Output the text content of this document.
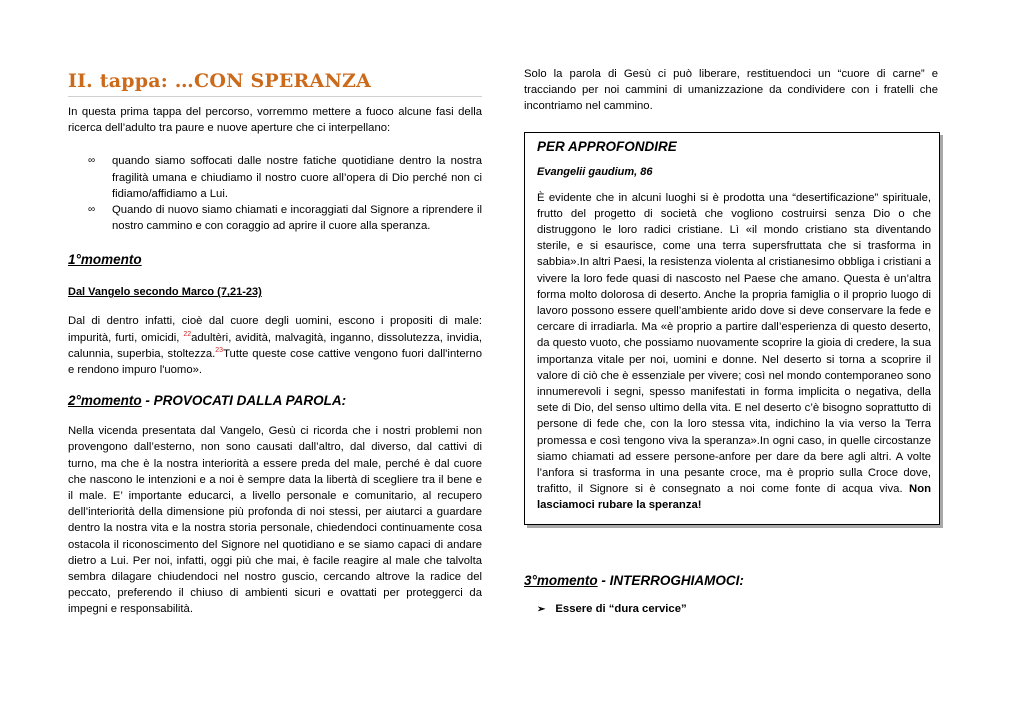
II. tappa: …CON SPERANZA

In questa prima tappa del percorso, vorremmo mettere a fuoco alcune fasi della ricerca dell’adulto tra paure e nuove aperture che ci interpellano:

∞ quando siamo soffocati dalle nostre fatiche quotidiane dentro la nostra fragilità umana e chiudiamo il nostro cuore all’opera di Dio perché non ci fidiamo/affidiamo a Lui.
∞ Quando di nuovo siamo chiamati e incoraggiati dal Signore a riprendere il nostro cammino e con coraggio ad aprire il cuore alla speranza.
1°momento
Dal Vangelo secondo Marco (7,21-23)

Dal di dentro infatti, cioè dal cuore degli uomini, escono i propositi di male: impurità, furti, omicidi, $^{22}$adultèri, avidità, malvagità, inganno, dissolutezza, invidia, calunnia, superbia, stoltezza.$^{23}$Tutte queste cose cattive vengono fuori dall'interno e rendono impuro l'uomo».

2°momento - PROVOCATI DALLA PAROLA:

Nella vicenda presentata dal Vangelo, Gesù ci ricorda che i nostri problemi non provengono dall’esterno, non sono causati dall’altro, dal diverso, dal cattivi di turno, ma che è la nostra interiorità a essere preda del male, perché è dal cuore che nascono le intenzioni e a noi è sempre data la libertà di scegliere tra il bene e il male. E’ importante educarci, a livello personale e comunitario, al recupero dell’interiorità della dimensione più profonda di noi stessi, per aiutarci a guardare dentro la nostra vita e la nostra storia personale, chiedendoci continuamente cosa ostacola il riconoscimento del Signore nel quotidiano e se siamo capaci di andare dietro a Lui. Per noi, infatti, oggi più che mai, è facile reagire al male che talvolta sembra dilagare chiudendoci nel nostro guscio, cercando altrove la radice del peccato, preferendo il chiuso di ambienti sicuri e ovattati per proteggerci da impegni e responsabilità.

Solo la parola di Gesù ci può liberare, restituendoci un “cuore di carne” e tracciando per noi cammini di umanizzazione da condividere con i fratelli che incontriamo nel cammino.

PER APPROFONDIRE
Evangelii gaudium, 86

È evidente che in alcuni luoghi si è prodotta una “desertificazione” spirituale, frutto del progetto di società che vogliono costruirsi senza Dio o che distruggono le loro radici cristiane. Lì «il mondo cristiano sta diventando sterile, e si esaurisce, come una terra supersfruttata che si trasforma in sabbia».In altri Paesi, la resistenza violenta al cristianesimo obbliga i cristiani a vivere la loro fede quasi di nascosto nel Paese che amano. Questa è un’altra forma molto dolorosa di deserto. Anche la propria famiglia o il proprio luogo di lavoro possono essere quell’ambiente arido dove si deve conservare la fede e cercare di irradiarla. Ma «è proprio a partire dall’esperienza di questo deserto, da questo vuoto, che possiamo nuovamente scoprire la gioia di credere, la sua importanza vitale per noi, uomini e donne. Nel deserto si torna a scoprire il valore di ciò che è essenziale per vivere; così nel mondo contemporaneo sono innumerevoli i segni, spesso manifestati in forma implicita o negativa, della sete di Dio, del senso ultimo della vita. E nel deserto c’è bisogno soprattutto di persone di fede che, con la loro stessa vita, indichino la via verso la Terra promessa e così tengono viva la speranza».In ogni caso, in quelle circostanze siamo chiamati ad essere persone-anfore per dare da bere agli altri. A volte l’anfora si trasforma in una pesante croce, ma è proprio sulla Croce dove, trafitto, il Signore si è consegnato a noi come fonte di acqua viva. Non lasciamoci rubare la speranza!

3°momento - INTERROGHIAMOCI:
➢ Essere di “dura cervice”
